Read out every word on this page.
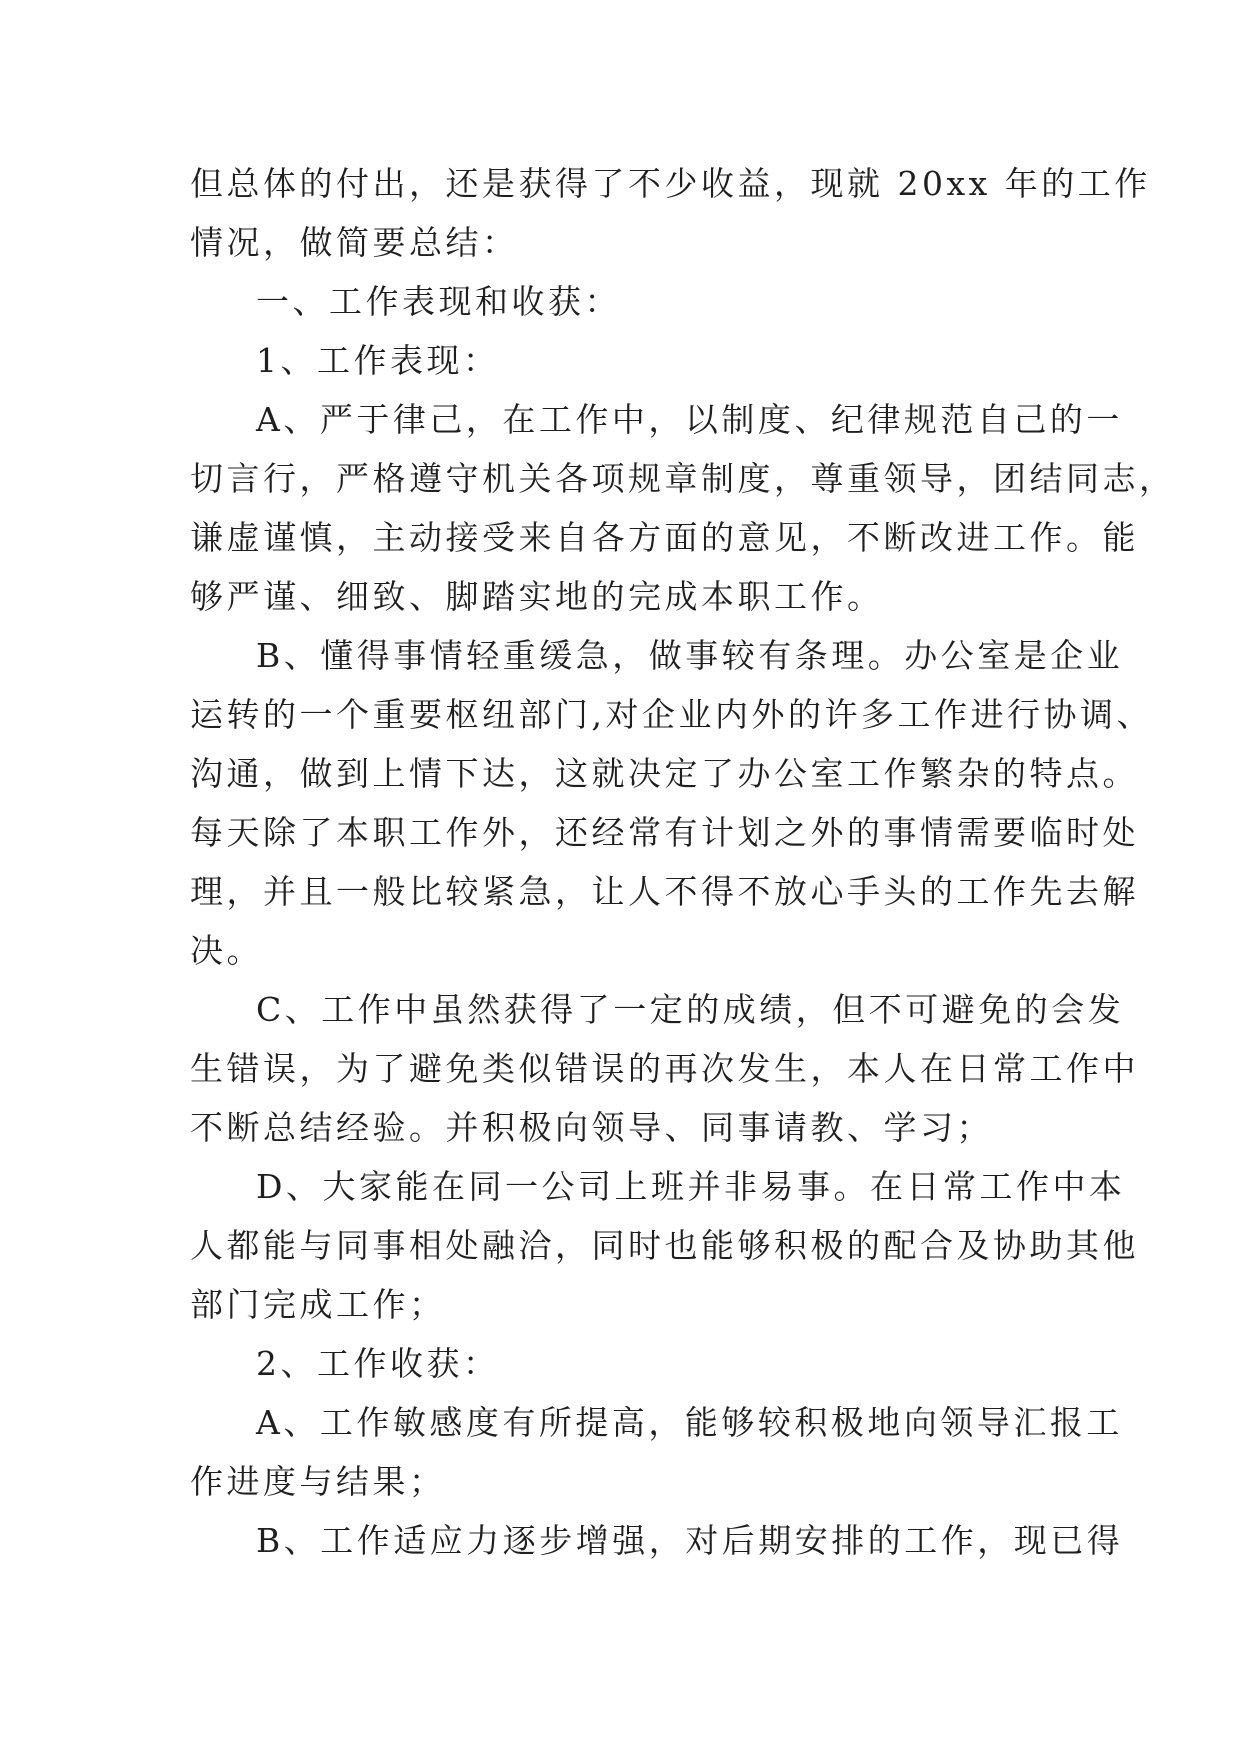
但总体的付出，还是获得了不少收益，现就 20xx 年的工作
情况，做简要总结：
一、工作表现和收获：
1、工作表现：
A、严于律己，在工作中，以制度、纪律规范自己的一
切言行，严格遵守机关各项规章制度，尊重领导，团结同志，
谦虚谨慎，主动接受来自各方面的意见，不断改进工作。能
够严谨、细致、脚踏实地的完成本职工作。
B、懂得事情轻重缓急，做事较有条理。办公室是企业
运转的一个重要枢纽部门,对企业内外的许多工作进行协调、
沟通，做到上情下达，这就决定了办公室工作繁杂的特点。
每天除了本职工作外，还经常有计划之外的事情需要临时处
理，并且一般比较紧急，让人不得不放心手头的工作先去解
决。
C、工作中虽然获得了一定的成绩，但不可避免的会发
生错误，为了避免类似错误的再次发生，本人在日常工作中
不断总结经验。并积极向领导、同事请教、学习；
D、大家能在同一公司上班并非易事。在日常工作中本
人都能与同事相处融洽，同时也能够积极的配合及协助其他
部门完成工作；
2、工作收获：
A、工作敏感度有所提高，能够较积极地向领导汇报工
作进度与结果；
B、工作适应力逐步增强，对后期安排的工作，现已得
